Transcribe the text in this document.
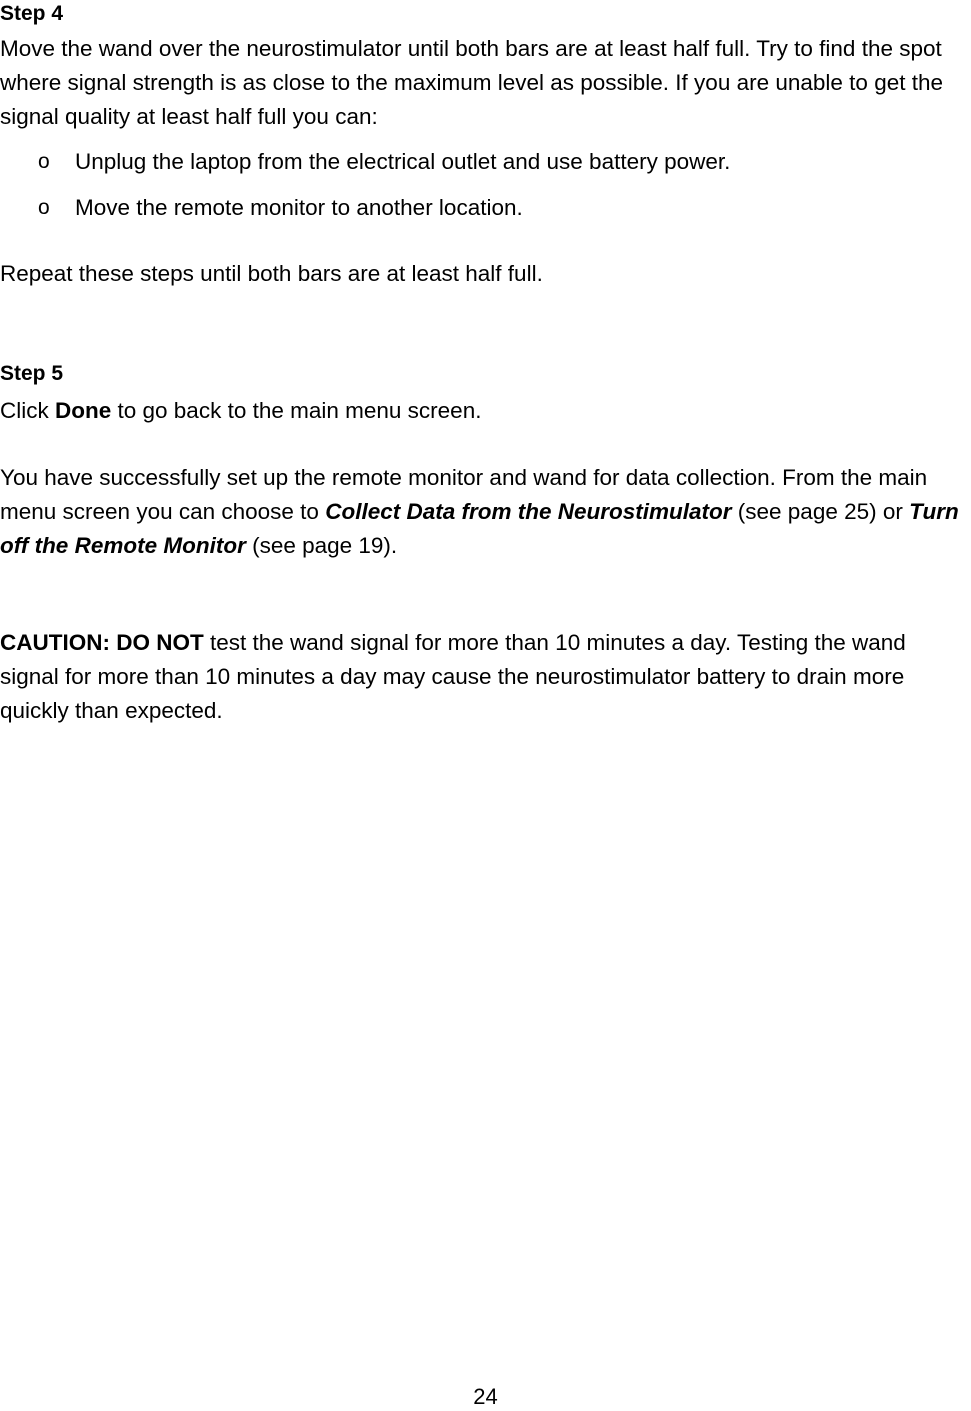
Step 4

Move the wand over the neurostimulator until both bars are at least half full. Try to find the spot where signal strength is as close to the maximum level as possible. If you are unable to get the signal quality at least half full you can:

o Unplug the laptop from the electrical outlet and use battery power.
o Move the remote monitor to another location.

Repeat these steps until both bars are at least half full.

Step 5

Click Done to go back to the main menu screen.

You have successfully set up the remote monitor and wand for data collection. From the main menu screen you can choose to Collect Data from the Neurostimulator (see page 25) or Turn off the Remote Monitor (see page 19).

CAUTION: DO NOT test the wand signal for more than 10 minutes a day. Testing the wand signal for more than 10 minutes a day may cause the neurostimulator battery to drain more quickly than expected.

24
